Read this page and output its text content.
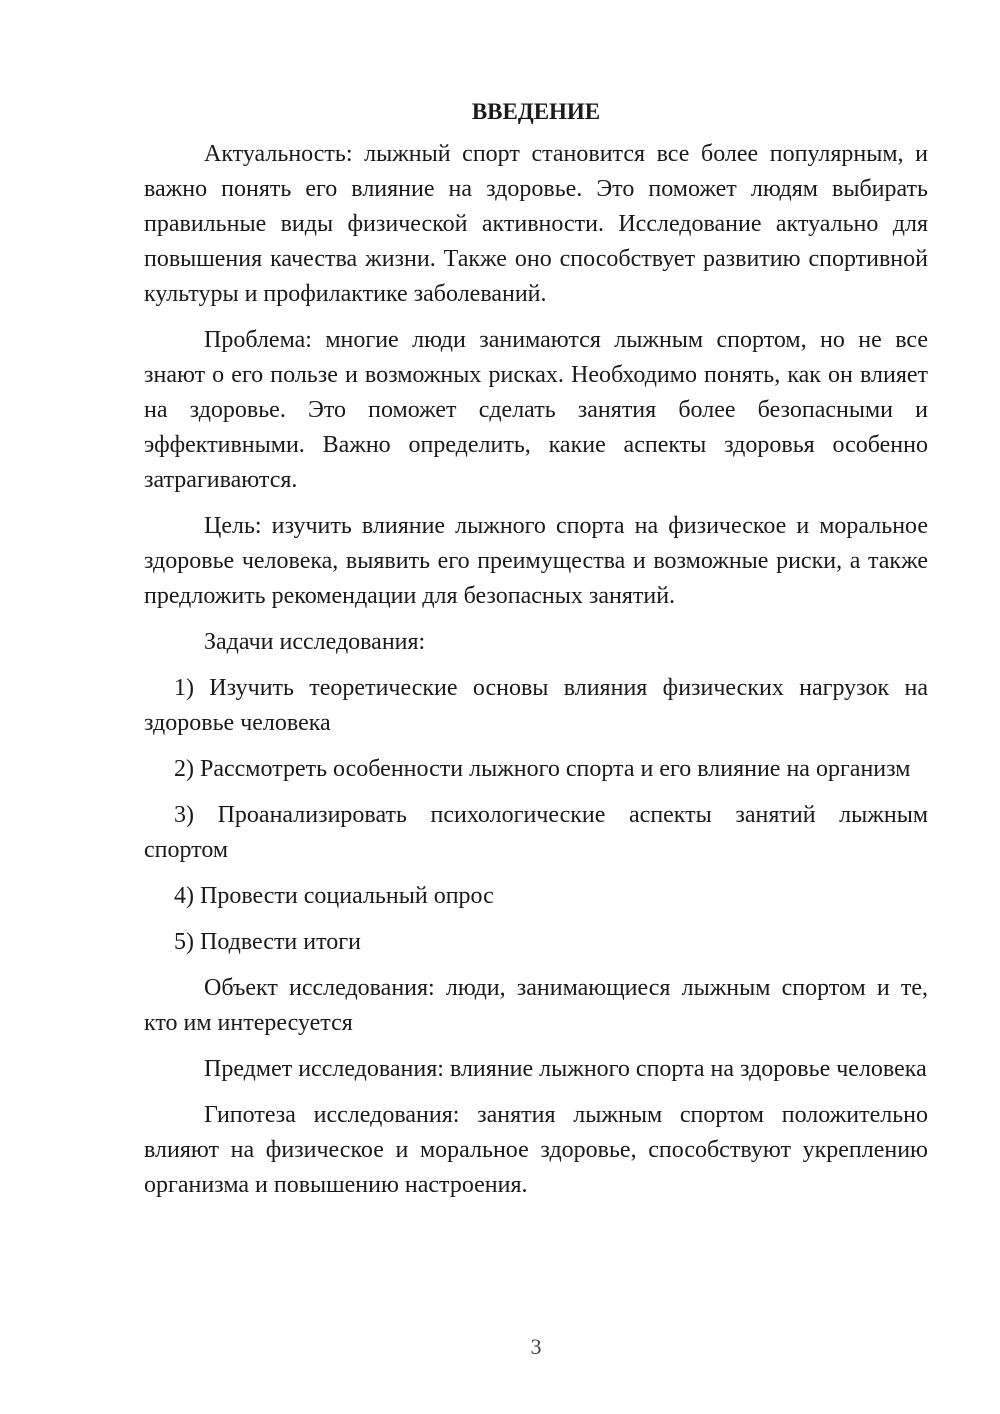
ВВЕДЕНИЕ

Актуальность: лыжный спорт становится все более популярным, и важно понять его влияние на здоровье. Это поможет людям выбирать правильные виды физической активности. Исследование актуально для повышения качества жизни. Также оно способствует развитию спортивной культуры и профилактике заболеваний.

Проблема: многие люди занимаются лыжным спортом, но не все знают о его пользе и возможных рисках. Необходимо понять, как он влияет на здоровье. Это поможет сделать занятия более безопасными и эффективными. Важно определить, какие аспекты здоровья особенно затрагиваются.

Цель: изучить влияние лыжного спорта на физическое и моральное здоровье человека, выявить его преимущества и возможные риски, а также предложить рекомендации для безопасных занятий.

Задачи исследования:

1) Изучить теоретические основы влияния физических нагрузок на здоровье человека

2) Рассмотреть особенности лыжного спорта и его влияние на организм

3) Проанализировать психологические аспекты занятий лыжным спортом

4) Провести социальный опрос

5) Подвести итоги

Объект исследования: люди, занимающиеся лыжным спортом и те, кто им интересуется

Предмет исследования: влияние лыжного спорта на здоровье человека

Гипотеза исследования: занятия лыжным спортом положительно влияют на физическое и моральное здоровье, способствуют укреплению организма и повышению настроения.

3
